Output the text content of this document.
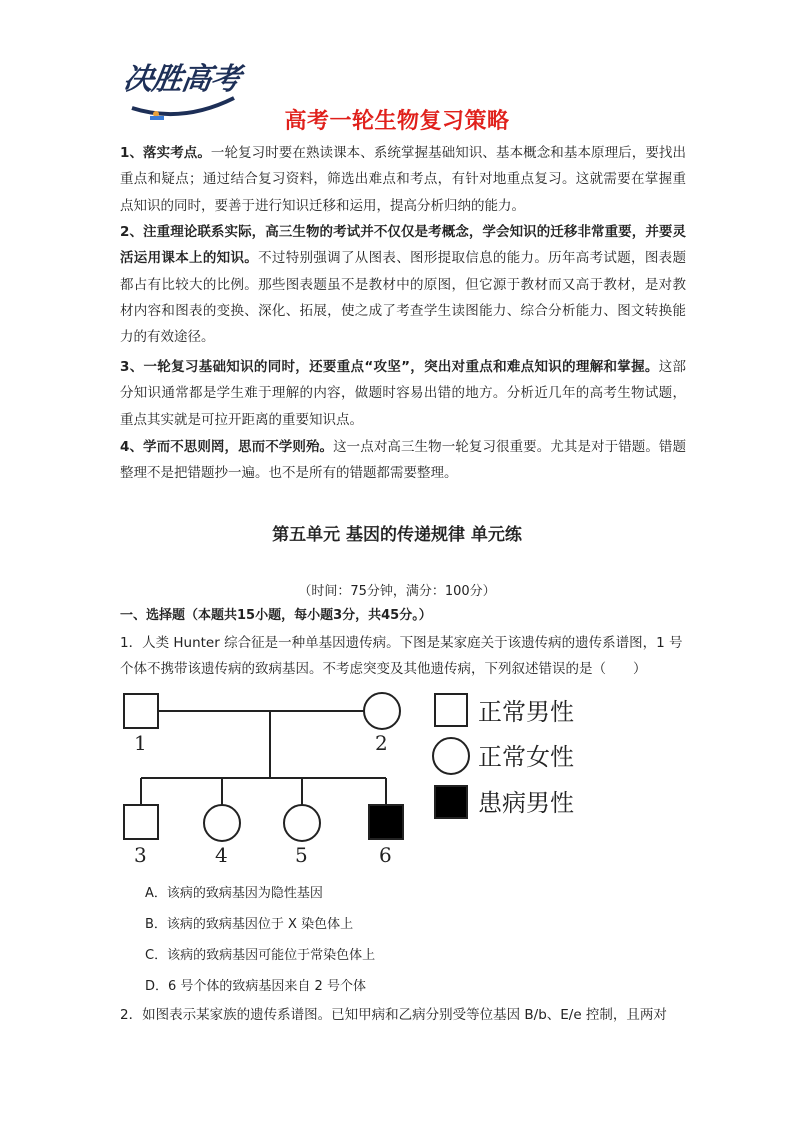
决胜高考
高考一轮生物复习策略

1、落实考点。一轮复习时要在熟读课本、系统掌握基础知识、基本概念和基本原理后，要找出重点和疑点；通过结合复习资料，筛选出难点和考点，有针对地重点复习。这就需要在掌握重点知识的同时，要善于进行知识迁移和运用，提高分析归纳的能力。

2、注重理论联系实际，高三生物的考试并不仅仅是考概念，学会知识的迁移非常重要，并要灵活运用课本上的知识。不过特别强调了从图表、图形提取信息的能力。历年高考试题，图表题都占有比较大的比例。那些图表题虽不是教材中的原图，但它源于教材而又高于教材，是对教材内容和图表的变换、深化、拓展，使之成了考查学生读图能力、综合分析能力、图文转换能力的有效途径。

3、一轮复习基础知识的同时，还要重点“攻坚”，突出对重点和难点知识的理解和掌握。这部分知识通常都是学生难于理解的内容，做题时容易出错的地方。分析近几年的高考生物试题，重点其实就是可拉开距离的重要知识点。

4、学而不思则罔，思而不学则殆。这一点对高三生物一轮复习很重要。尤其是对于错题。错题整理不是把错题抄一遍。也不是所有的错题都需要整理。

第五单元 基因的传递规律 单元练
（时间：75分钟，满分：100分）
一、选择题（本题共15小题，每小题3分，共45分。）

1．人类 Hunter 综合征是一种单基因遗传病。下图是某家庭关于该遗传病的遗传系谱图，1 号个体不携带该遗传病的致病基因。不考虑突变及其他遗传病，下列叙述错误的是（　　）

1	2
3	4	5	6
正常男性
正常女性
患病男性
A．该病的致病基因为隐性基因
B．该病的致病基因位于 X 染色体上
C．该病的致病基因可能位于常染色体上
D．6 号个体的致病基因来自 2 号个体

2．如图表示某家族的遗传系谱图。已知甲病和乙病分别受等位基因 B/b、E/e 控制，且两对
